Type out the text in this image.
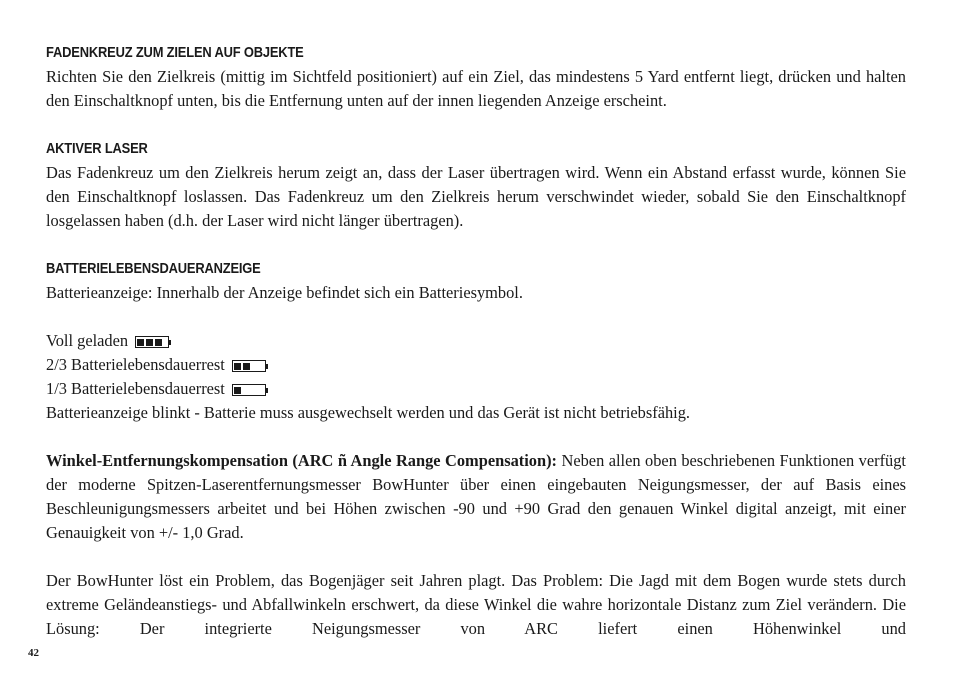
FADENKREUZ ZUM ZIELEN AUF OBJEKTE

Richten Sie den Zielkreis (mittig im Sichtfeld positioniert) auf ein Ziel, das mindestens 5 Yard entfernt liegt, drücken und halten den Einschaltknopf unten, bis die Entfernung unten auf der innen liegenden Anzeige erscheint.

AKTIVER LASER

Das Fadenkreuz um den Zielkreis herum zeigt an, dass der Laser übertragen wird. Wenn ein Abstand erfasst wurde, können Sie den Einschaltknopf loslassen. Das Fadenkreuz um den Zielkreis herum verschwindet wieder, sobald Sie den Einschaltknopf losgelassen haben (d.h. der Laser wird nicht länger übertragen).

BATTERIELEBENSDAUERANZEIGE

Batterieanzeige: Innerhalb der Anzeige befindet sich ein Batteriesymbol.

Voll geladen
2/3 Batterielebensdauerrest
1/3 Batterielebensdauerrest

Batterieanzeige blinkt - Batterie muss ausgewechselt werden und das Gerät ist nicht betriebsfähig.

Winkel-Entfernungskompensation (ARC ñ Angle Range Compensation): Neben allen oben beschriebenen Funktionen verfügt der moderne Spitzen-Laserentfernungsmesser BowHunter über einen eingebauten Neigungsmesser, der auf Basis eines Beschleunigungsmessers arbeitet und bei Höhen zwischen -90 und +90 Grad den genauen Winkel digital anzeigt, mit einer Genauigkeit von +/- 1,0 Grad.

Der BowHunter löst ein Problem, das Bogenjäger seit Jahren plagt. Das Problem: Die Jagd mit dem Bogen wurde stets durch extreme Geländeanstiegs- und Abfallwinkeln erschwert, da diese Winkel die wahre horizontale Distanz zum Ziel verändern. Die Lösung: Der integrierte Neigungsmesser von ARC liefert einen Höhenwinkel und

42
